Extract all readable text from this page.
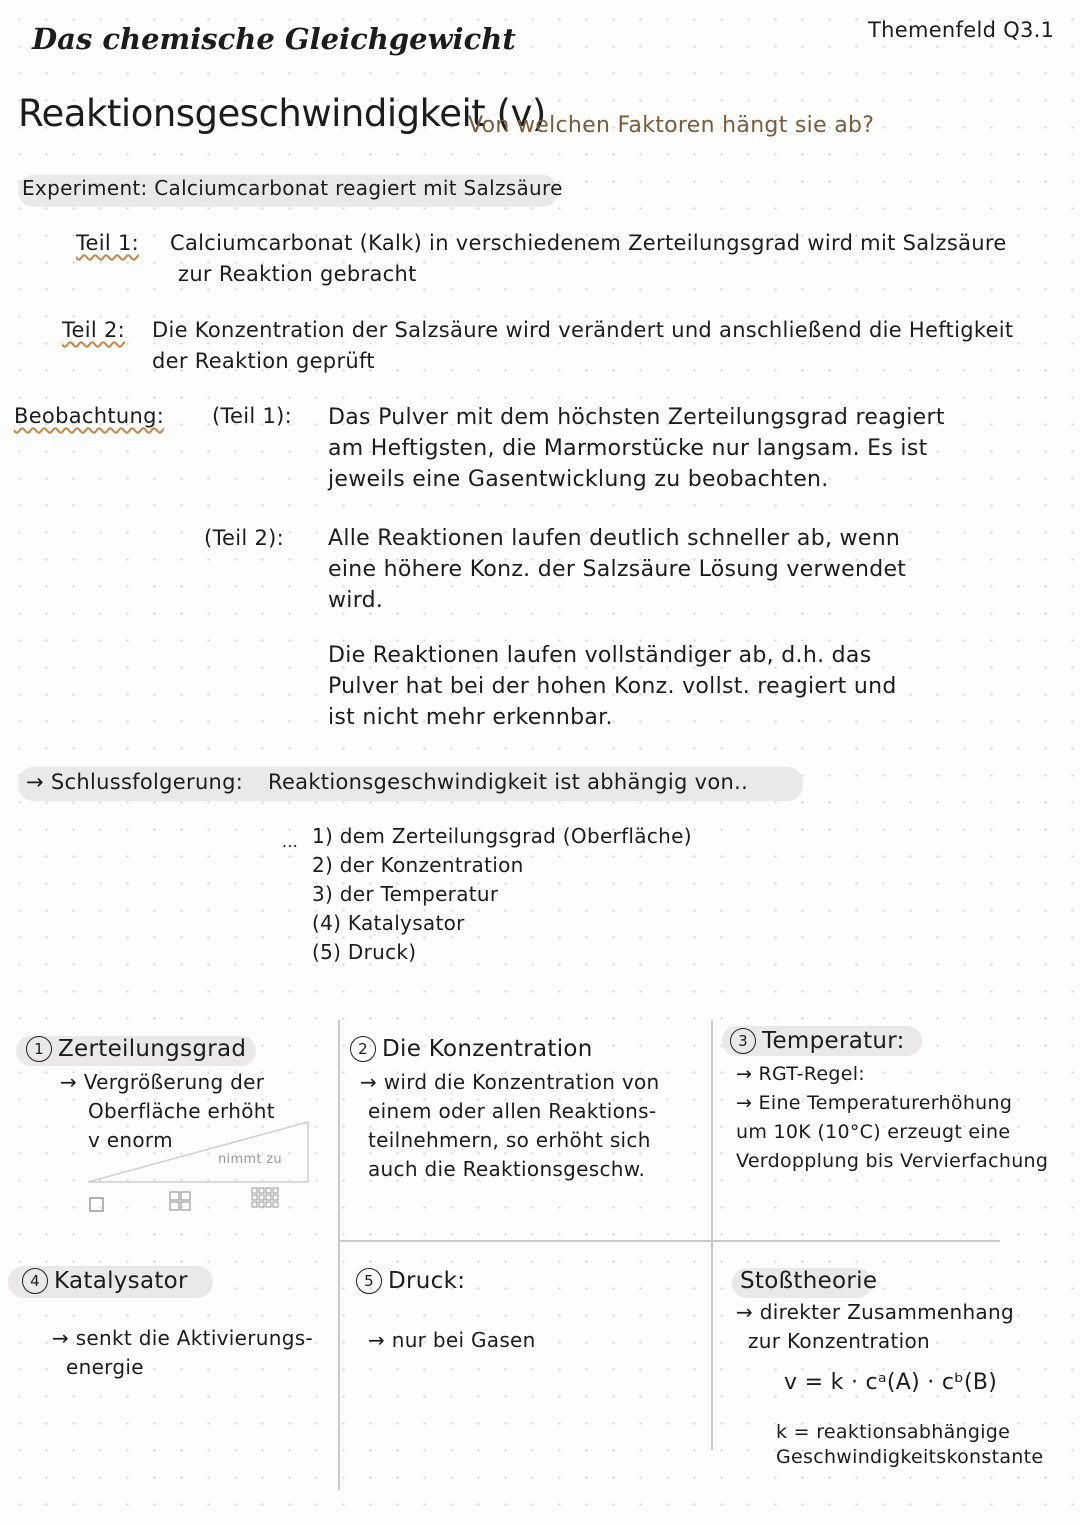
Das chemische Gleichgewicht	Themenfeld Q3.1
Reaktionsgeschwindigkeit (v)
Von welchen Faktoren hängt sie ab?
Experiment: Calciumcarbonat reagiert mit Salzsäure
Teil 1: Calciumcarbonat (Kalk) in verschiedenem Zerteilungsgrad wird mit Salzsäure
zur Reaktion gebracht
Teil 2: Die Konzentration der Salzsäure wird verändert und anschließend die Heftigkeit
der Reaktion geprüft
Beobachtung: (Teil 1): Das Pulver mit dem höchsten Zerteilungsgrad reagiert
am Heftigsten, die Marmorstücke nur langsam. Es ist
jeweils eine Gasentwicklung zu beobachten.
(Teil 2): Alle Reaktionen laufen deutlich schneller ab, wenn
eine höhere Konz. der Salzsäure Lösung verwendet
wird.
Die Reaktionen laufen vollständiger ab, d.h. das
Pulver hat bei der hohen Konz. vollst. reagiert und
ist nicht mehr erkennbar.
→ Schlussfolgerung: Reaktionsgeschwindigkeit ist abhängig von..
... 1) dem Zerteilungsgrad (Oberfläche)
2) der Konzentration
3) der Temperatur
(4) Katalysator
(5) Druck)
1 Zerteilungsgrad
→ Vergrößerung der
Oberfläche erhöht
v enorm
nimmt zu
2 Die Konzentration
→ wird die Konzentration von
einem oder allen Reaktions-
teilnehmern, so erhöht sich
auch die Reaktionsgeschw.
3 Temperatur:
→ RGT-Regel:
→ Eine Temperaturerhöhung
um 10K (10°C) erzeugt eine
Verdopplung bis Vervierfachung
4 Katalysator
→ senkt die Aktivierungs-
energie
5 Druck:
→ nur bei Gasen
Stoßtheorie
→ direkter Zusammenhang
zur Konzentration
v = k · cᵃ(A) · cᵇ(B)
k = reaktionsabhängige
Geschwindigkeitskonstante
